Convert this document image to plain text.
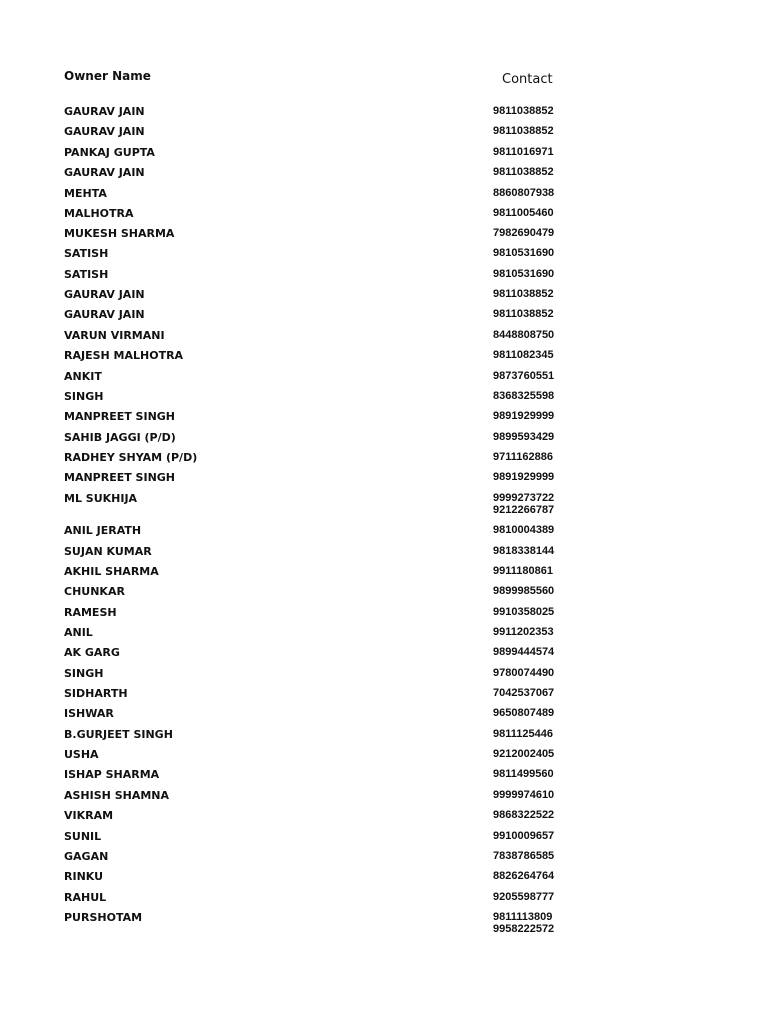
Owner Name	Contact
GAURAV JAIN	9811038852
GAURAV JAIN	9811038852
PANKAJ GUPTA	9811016971
GAURAV JAIN	9811038852
MEHTA	8860807938
MALHOTRA	9811005460
MUKESH SHARMA	7982690479
SATISH	9810531690
SATISH	9810531690
GAURAV JAIN	9811038852
GAURAV JAIN	9811038852
VARUN VIRMANI	8448808750
RAJESH MALHOTRA	9811082345
ANKIT	9873760551
SINGH	8368325598
MANPREET SINGH	9891929999
SAHIB JAGGI (P/D)	9899593429
RADHEY SHYAM (P/D)	9711162886
MANPREET SINGH	9891929999
ML SUKHIJA	9999273722
9212266787
ANIL JERATH	9810004389
SUJAN KUMAR	9818338144
AKHIL SHARMA	9911180861
CHUNKAR	9899985560
RAMESH	9910358025
ANIL	9911202353
AK GARG	9899444574
SINGH	9780074490
SIDHARTH	7042537067
ISHWAR	9650807489
B.GURJEET SINGH	9811125446
USHA	9212002405
ISHAP SHARMA	9811499560
ASHISH SHAMNA	9999974610
VIKRAM	9868322522
SUNIL	9910009657
GAGAN	7838786585
RINKU	8826264764
RAHUL	9205598777
PURSHOTAM	9811113809
9958222572
